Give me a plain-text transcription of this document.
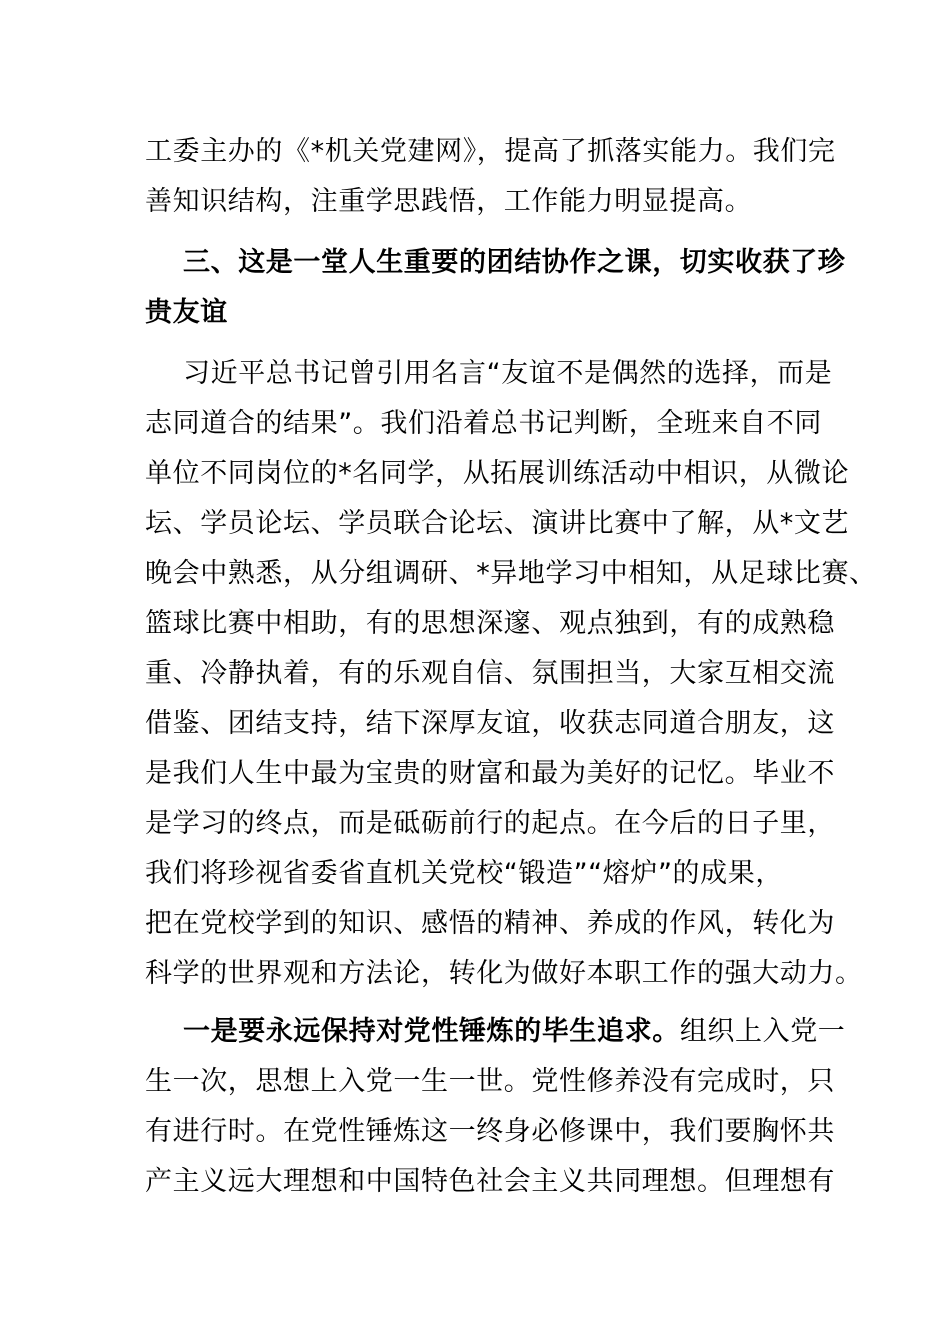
工委主办的《*机关党建网》，提高了抓落实能力。我们完
善知识结构，注重学思践悟，工作能力明显提高。
三、这是一堂人生重要的团结协作之课，切实收获了珍
贵友谊
习近平总书记曾引用名言“友谊不是偶然的选择，而是
志同道合的结果”。我们沿着总书记判断，全班来自不同
单位不同岗位的*名同学，从拓展训练活动中相识，从微论
坛、学员论坛、学员联合论坛、演讲比赛中了解，从*文艺
晚会中熟悉，从分组调研、*异地学习中相知，从足球比赛、
篮球比赛中相助，有的思想深邃、观点独到，有的成熟稳
重、冷静执着，有的乐观自信、氛围担当，大家互相交流
借鉴、团结支持，结下深厚友谊，收获志同道合朋友，这
是我们人生中最为宝贵的财富和最为美好的记忆。毕业不
是学习的终点，而是砥砺前行的起点。在今后的日子里，
我们将珍视省委省直机关党校“锻造”“熔炉”的成果，
把在党校学到的知识、感悟的精神、养成的作风，转化为
科学的世界观和方法论，转化为做好本职工作的强大动力。
一是要永远保持对党性锤炼的毕生追求。组织上入党一
生一次，思想上入党一生一世。党性修养没有完成时，只
有进行时。在党性锤炼这一终身必修课中，我们要胸怀共
产主义远大理想和中国特色社会主义共同理想。但理想有
